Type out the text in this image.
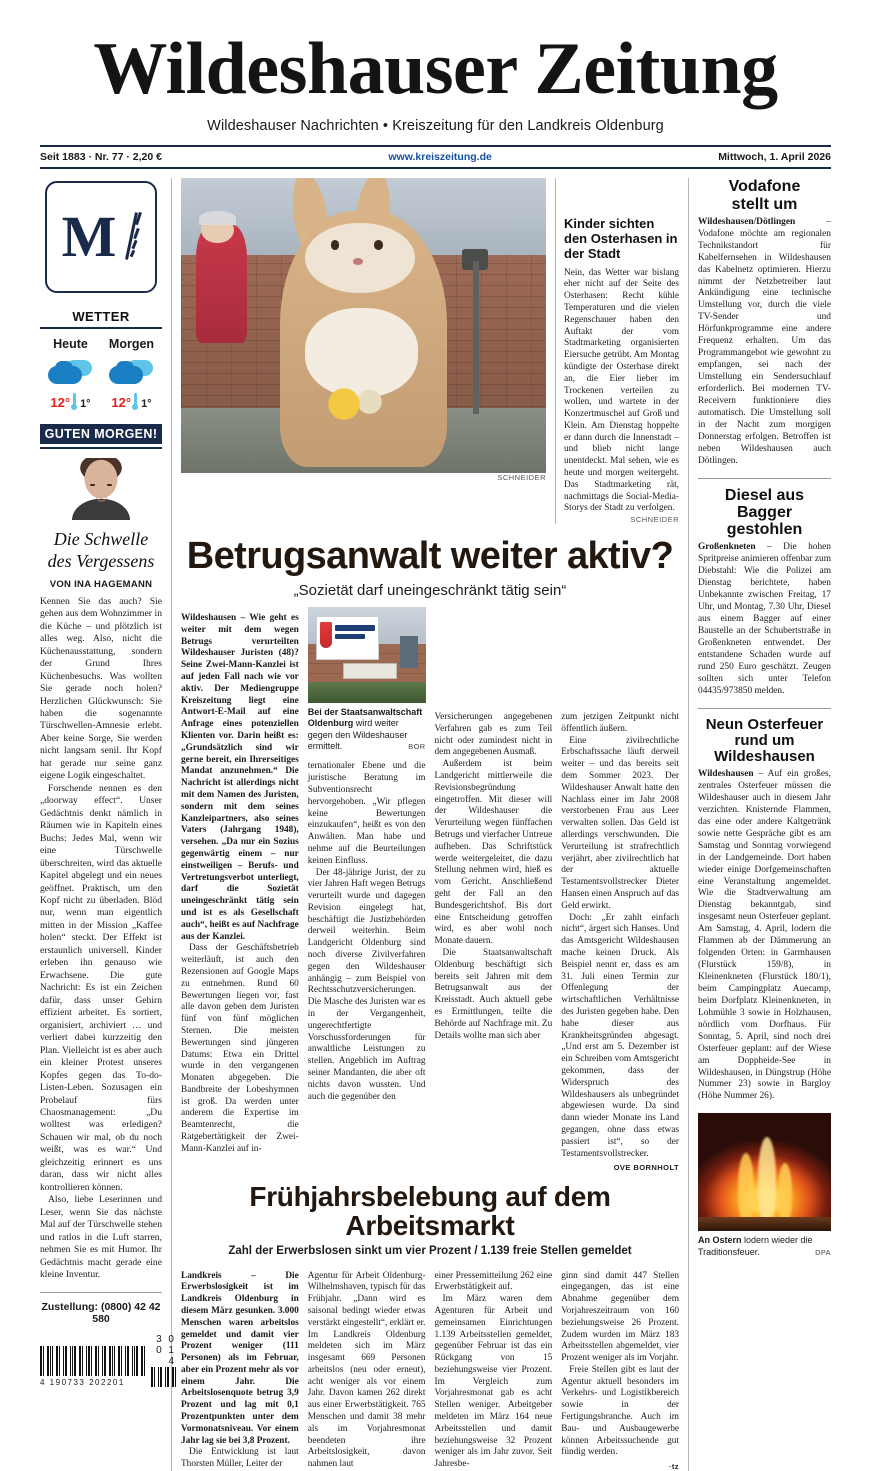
Wildeshauser Zeitung
Wildeshauser Nachrichten • Kreiszeitung für den Landkreis Oldenburg
Seit 1883 · Nr. 77 · 2,20 €	www.kreiszeitung.de	Mittwoch, 1. April 2026
M
WETTER
Heute
12° 1°
Morgen
12° 1°
GUTEN MORGEN!
Die Schwelle
des Vergessens
VON INA HAGEMANN

Kennen Sie das auch? Sie gehen aus dem Wohnzimmer in die Küche – und plötzlich ist alles weg. Also, nicht die Küchenausstattung, sondern der Grund Ihres Küchenbesuchs. Was wollten Sie gerade noch holen? Herzlichen Glückwunsch: Sie haben die sogenannte Türschwellen-Amnesie erlebt. Aber keine Sorge, Sie werden nicht langsam senil. Ihr Kopf hat gerade nur seine ganz eigene Logik eingeschaltet.

Forschende nennen es den „doorway effect“. Unser Gedächtnis denkt nämlich in Räumen wie in Kapiteln eines Buchs: Jedes Mal, wenn wir eine Türschwelle überschreiten, wird das aktuelle Kapitel abgelegt und ein neues geöffnet. Praktisch, um den Kopf nicht zu überladen. Blöd nur, wenn man eigentlich mitten in der Mission „Kaffee holen“ steckt. Der Effekt ist erstaunlich universell. Kinder erleben ihn genauso wie Erwachsene. Die gute Nachricht: Es ist ein Zeichen dafür, dass unser Gehirn effizient arbeitet. Es sortiert, organisiert, archiviert … und verliert dabei kurzzeitig den Plan. Vielleicht ist es aber auch ein kleiner Protest unseres Kopfes gegen das To-do-Listen-Leben. Sozusagen ein Probelauf fürs Chaosmanagement: „Du wolltest was erledigen? Schauen wir mal, ob du noch weißt, was es war.“ Und gleichzeitig erinnert es uns daran, dass wir nicht alles kontrollieren können.

Also, liebe Leserinnen und Leser, wenn Sie das nächste Mal auf der Türschwelle stehen und ratlos in die Luft starren, nehmen Sie es mit Humor. Ihr Gedächtnis macht gerade eine kleine Inventur.

Zustellung: (0800) 42 42 580
4 190733 202201
3 0 0 1 4
SCHNEIDER
Kinder sichten den Osterhasen in der Stadt

Nein, das Wetter war bislang eher nicht auf der Seite des Osterhasen: Recht kühle Temperaturen und die vielen Regenschauer haben den Auftakt der vom Stadtmarketing organisierten Eiersuche getrübt. Am Montag kündigte der Osterhase direkt an, die Eier lieber im Trockenen verteilen zu wollen, und wartete in der Konzertmuschel auf Groß und Klein. Am Dienstag hoppelte er dann durch die Innenstadt – und blieb nicht lange unentdeckt. Mal sehen, wie es heute und morgen weitergeht. Das Stadtmarketing rät, nachmittags die Social-Media-Storys der Stadt zu verfolgen.

SCHNEIDER
Betrugsanwalt weiter aktiv?
„Sozietät darf uneingeschränkt tätig sein“

Wildeshausen – Wie geht es weiter mit dem wegen Betrugs verurteilten Wildeshauser Juristen (48)? Seine Zwei-Mann-Kanzlei ist auf jeden Fall nach wie vor aktiv. Der Mediengruppe Kreiszeitung liegt eine Antwort-E-Mail auf eine Anfrage eines potenziellen Klienten vor. Darin heißt es: „Grundsätzlich sind wir gerne bereit, ein Ihrerseitiges Mandat anzunehmen.“ Die Nachricht ist allerdings nicht mit dem Namen des Juristen, sondern mit dem seines Kanzleipartners, also seines Vaters (Jahrgang 1948), versehen. „Da nur ein Sozius gegenwärtig einem – nur einstweiligen – Berufs- und Vertretungsverbot unterliegt, darf die Sozietät uneingeschränkt tätig sein und ist es als Gesellschaft auch“, heißt es auf Nachfrage aus der Kanzlei.

Dass der Geschäftsbetrieb weiterläuft, ist auch den Rezensionen auf Google Maps zu entnehmen. Rund 60 Bewertungen liegen vor, fast alle davon geben dem Juristen fünf von fünf möglichen Sternen. Die meisten Bewertungen sind jüngeren Datums: Etwa ein Drittel wurde in den vergangenen Monaten abgegeben. Die Bandbreite der Lobeshymnen ist groß. Da werden unter anderem die Expertise im Beamtenrecht, die Ratgebertätigkeit der Zwei-Mann-Kanzlei auf in-

Bei der Staatsanwaltschaft Oldenburg wird weiter gegen den Wildeshauser ermittelt.	BOR

ternationaler Ebene und die juristische Beratung im Subventionsrecht hervorgehoben. „Wir pflegen keine Bewertungen einzukaufen“, heißt es von den Anwälten. Man habe und nehme auf die Beurteilungen keinen Einfluss.

Der 48-jährige Jurist, der zu vier Jahren Haft wegen Betrugs verurteilt wurde und dagegen Revision eingelegt hat, beschäftigt die Justizbehörden derweil weiterhin. Beim Landgericht Oldenburg sind noch diverse Zivilverfahren gegen den Wildeshauser anhängig – zum Beispiel von Rechtsschutzversicherungen. Die Masche des Juristen war es in der Vergangenheit, ungerechtfertigte Vorschussforderungen für anwaltliche Leistungen zu stellen. Angeblich im Auftrag seiner Mandanten, die aber oft nichts davon wussten. Und auch die gegenüber den

Versicherungen angegebenen Verfahren gab es zum Teil nicht oder zumindest nicht in dem angegebenen Ausmaß.

Außerdem ist beim Landgericht mittlerweile die Revisionsbegründung eingetroffen. Mit dieser will der Wildeshauser die Verurteilung wegen fünffachen Betrugs und vierfacher Untreue aufheben. Das Schriftstück werde weitergeleitet, die dazu Stellung nehmen wird, hieß es vom Gericht. Anschließend geht der Fall an den Bundesgerichtshof. Bis dort eine Entscheidung getroffen wird, es aber wohl noch Monate dauern.

Die Staatsanwaltschaft Oldenburg beschäftigt sich bereits seit Jahren mit dem Betrugsanwalt aus der Kreisstadt. Auch aktuell gebe es Ermittlungen, teilte die Behörde auf Nachfrage mit. Zu Details wollte man sich aber

zum jetzigen Zeitpunkt nicht öffentlich äußern.

Eine zivilrechtliche Erbschaftssache läuft derweil weiter – und das bereits seit dem Sommer 2023. Der Wildeshauser Anwalt hatte den Nachlass einer im Jahr 2008 verstorbenen Frau aus Leer verwalten sollen. Das Geld ist allerdings verschwunden. Die Verurteilung ist strafrechtlich verjährt, aber zivilrechtlich hat der aktuelle Testamentsvollstrecker Dieter Hansen einen Anspruch auf das Geld erwirkt.

Doch: „Er zahlt einfach nicht“, ärgert sich Hanses. Und das Amtsgericht Wildeshausen mache keinen Druck. Als Beispiel nennt er, dass es am 31. Juli einen Termin zur Offenlegung der wirtschaftlichen Verhältnisse des Juristen gegeben habe. Den habe dieser aus Krankheitsgründen abgesagt. „Und erst am 5. Dezember ist ein Schreiben vom Amtsgericht gekommen, dass der Widerspruch des Wildeshausers als unbegründet abgewiesen wurde. Da sind dann wieder Monate ins Land gegangen, ohne dass etwas passiert ist“, so der Testamentsvollstrecker.

OVE BORNHOLT
Frühjahrsbelebung auf dem Arbeitsmarkt
Zahl der Erwerbslosen sinkt um vier Prozent / 1.139 freie Stellen gemeldet

Landkreis – Die Erwerbslosigkeit ist im Landkreis Oldenburg in diesem März gesunken. 3.000 Menschen waren arbeitslos gemeldet und damit vier Prozent weniger (111 Personen) als im Februar, aber ein Prozent mehr als vor einem Jahr. Die Arbeitslosenquote betrug 3,9 Prozent und lag mit 0,1 Prozentpunkten unter dem Vormonatsniveau. Vor einem Jahr lag sie bei 3,8 Prozent.

Die Entwicklung ist laut Thorsten Müller, Leiter der

Agentur für Arbeit Oldenburg-Wilhelmshaven, typisch für das Frühjahr. „Dann wird es saisonal bedingt wieder etwas verstärkt eingestellt“, erklärt er. Im Landkreis Oldenburg meldeten sich im März insgesamt 669 Personen arbeitslos (neu oder erneut), acht weniger als vor einem Jahr. Davon kamen 262 direkt aus einer Erwerbstätigkeit. 765 Menschen und damit 38 mehr als im Vorjahresmonat beendeten ihre Arbeitslosigkeit, davon nahmen laut

einer Pressemitteilung 262 eine Erwerbstätigkeit auf.

Im März waren dem Agenturen für Arbeit und gemeinsamen Einrichtungen 1.139 Arbeitsstellen gemeldet, gegenüber Februar ist das ein Rückgang von 15 beziehungsweise vier Prozent. Im Vergleich zum Vorjahresmonat gab es acht Stellen weniger. Arbeitgeber meldeten im März 164 neue Arbeitsstellen und damit beziehungsweise 32 Prozent weniger als im Jahr zuvor. Seit Jahresbe-

ginn sind damit 447 Stellen eingegangen, das ist eine Abnahme gegenüber dem Vorjahreszeitraum von 160 beziehungsweise 26 Prozent. Zudem wurden im März 183 Arbeitsstellen abgemeldet, vier Prozent weniger als im Vorjahr.

Freie Stellen gibt es laut der Agentur aktuell besonders im Verkehrs- und Logistikbereich sowie in der Fertigungsbranche. Auch im Bau- und Ausbaugewerbe können Arbeitssuchende gut fündig werden.

·tz
Vodafone
stellt um

Wildeshausen/Dötlingen – Vodafone möchte am regionalen Technikstandort für Kabelfernsehen in Wildeshausen das Kabelnetz optimieren. Hierzu nimmt der Netzbetreiber laut Ankündigung eine technische Umstellung vor, durch die viele TV-Sender und Hörfunkprogramme eine andere Frequenz erhalten. Um das Programmangebot wie gewohnt zu empfangen, sei nach der Umstellung ein Sendersuchlauf erforderlich. Bei modernen TV-Receivern funktioniere dies automatisch. Die Umstellung soll in der Nacht zum morgigen Donnerstag erfolgen. Betroffen ist neben Wildeshausen auch Dötlingen.

Diesel aus Bagger
gestohlen

Großenkneten – Die hohen Spritpreise animieren offenbar zum Diebstahl: Wie die Polizei am Dienstag berichtete, haben Unbekannte zwischen Freitag, 17 Uhr, und Montag, 7.30 Uhr, Diesel aus einem Bagger auf einer Baustelle an der Schubertstraße in Großenkneten entwendet. Der entstandene Schaden wurde auf rund 250 Euro geschätzt. Zeugen sollten sich unter Telefon 04435/973850 melden.

Neun Osterfeuer
rund um
Wildeshausen

Wildeshausen – Auf ein großes, zentrales Osterfeuer müssen die Wildeshauser auch in diesem Jahr verzichten. Knisternde Flammen, das eine oder andere Kaltgetränk sowie nette Gespräche gibt es am Samstag und Sonntag vorwiegend in der Landgemeinde. Dort haben wieder einige Dorfgemeinschaften eine Veranstaltung angemeldet. Wie die Stadtverwaltung am Dienstag bekanntgab, sind insgesamt neun Osterfeuer geplant. Am Samstag, 4. April, lodern die Flammen ab der Dämmerung an folgenden Orten: in Garmhausen (Flurstück 159/8), in Kleinenkneten (Flurstück 180/1), beim Campingplatz Auecamp, beim Dorfplatz Kleinenkneten, in Lohmühle 3 sowie in Holzhausen, nördlich vom Dorfhaus. Für Sonntag, 5. April, sind noch drei Osterfeuer geplant: auf der Wiese am Doppheide-See in Wildeshausen, in Düngstrup (Höhe Nummer 23) sowie in Bargloy (Höhe Nummer 26).

An Ostern lodern wieder die Traditionsfeuer.	DPA
